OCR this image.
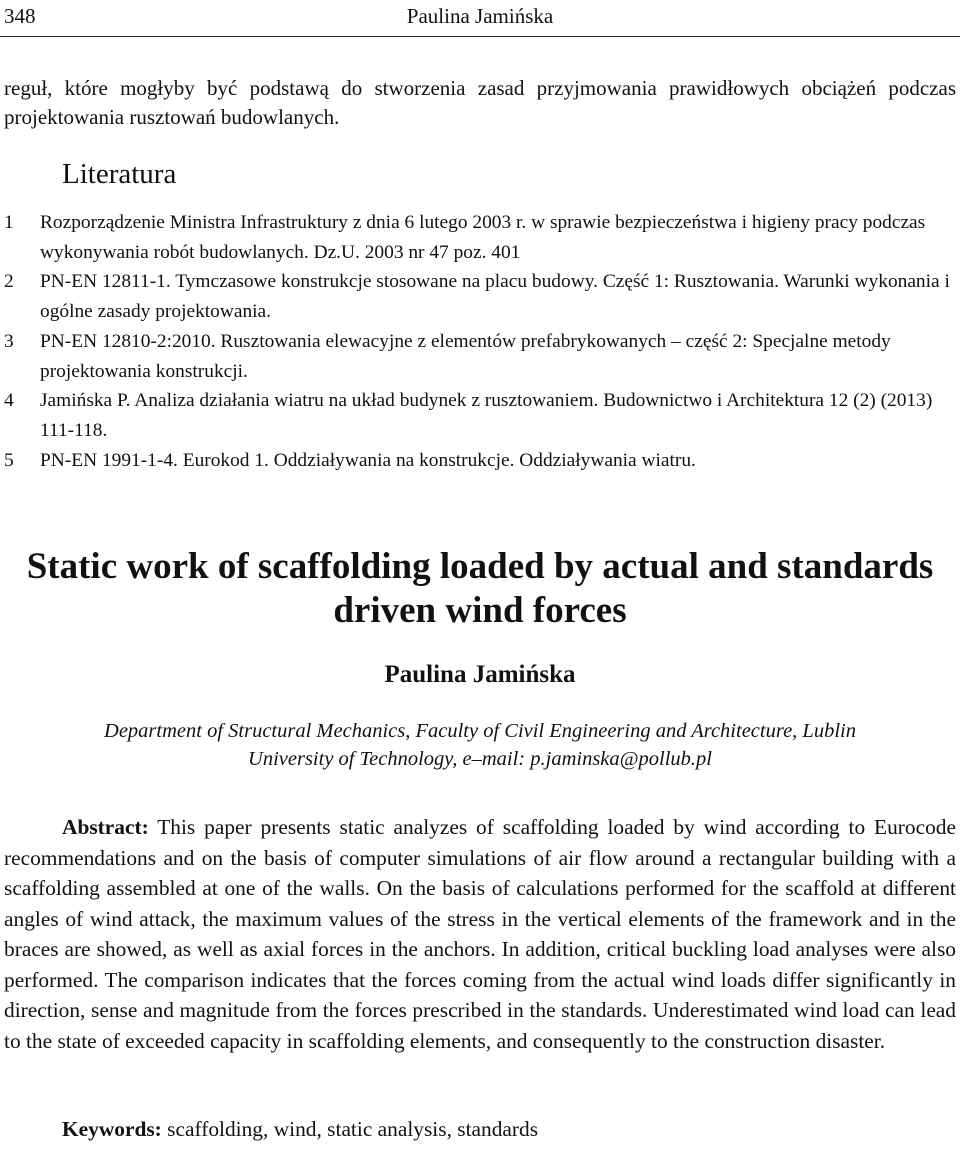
348	Paulina Jamińska
reguł, które mogłyby być podstawą do stworzenia zasad przyjmowania prawidłowych obciążeń podczas projektowania rusztowań budowlanych.
Literatura
1 Rozporządzenie Ministra Infrastruktury z dnia 6 lutego 2003 r. w sprawie bezpieczeństwa i higieny pracy podczas wykonywania robót budowlanych. Dz.U. 2003 nr 47 poz. 401
2 PN-EN 12811-1. Tymczasowe konstrukcje stosowane na placu budowy. Część 1: Rusztowania. Warunki wykonania i ogólne zasady projektowania.
3 PN-EN 12810-2:2010. Rusztowania elewacyjne z elementów prefabrykowanych – część 2: Specjalne metody projektowania konstrukcji.
4 Jamińska P. Analiza działania wiatru na układ budynek z rusztowaniem. Budownictwo i Architektura 12 (2) (2013) 111-118.
5 PN-EN 1991-1-4. Eurokod 1. Oddziaływania na konstrukcje. Oddziaływania wiatru.
Static work of scaffolding loaded by actual and standards
driven wind forces
Paulina Jamińska
Department of Structural Mechanics, Faculty of Civil Engineering and Architecture, Lublin
University of Technology, e–mail: p.jaminska@pollub.pl
Abstract: This paper presents static analyzes of scaffolding loaded by wind according to Eurocode recommendations and on the basis of computer simulations of air flow around a rectangular building with a scaffolding assembled at one of the walls. On the basis of calculations performed for the scaffold at different angles of wind attack, the maximum values of the stress in the vertical elements of the framework and in the braces are showed, as well as axial forces in the anchors. In addition, critical buckling load analyses were also performed. The comparison indicates that the forces coming from the actual wind loads differ significantly in direction, sense and magnitude from the forces prescribed in the standards. Underestimated wind load can lead to the state of exceeded capacity in scaffolding elements, and consequently to the construction disaster.
Keywords: scaffolding, wind, static analysis, standards
